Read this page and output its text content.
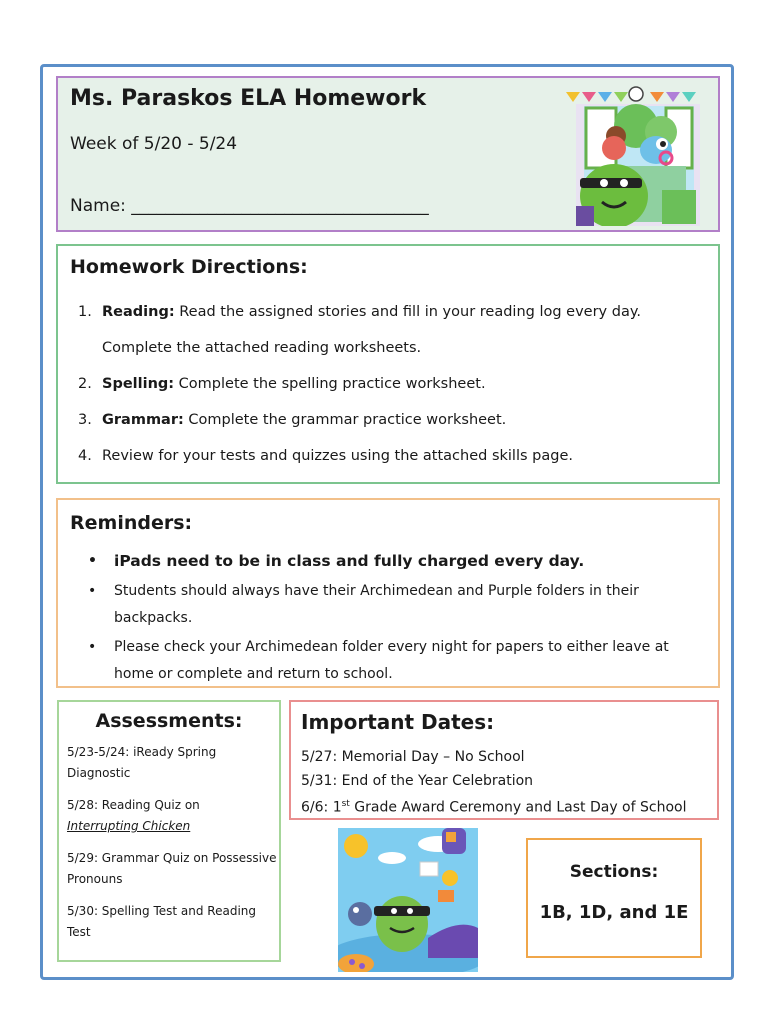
Ms. Paraskos ELA Homework
Week of 5/20 - 5/24
Name: ___________________________________
Homework Directions:
1. Reading: Read the assigned stories and fill in your reading log every day.
Complete the attached reading worksheets.
2. Spelling: Complete the spelling practice worksheet.
3. Grammar: Complete the grammar practice worksheet.
4. Review for your tests and quizzes using the attached skills page.
Reminders:
•	iPads need to be in class and fully charged every day.
•	Students should always have their Archimedean and Purple folders in their backpacks.
•	Please check your Archimedean folder every night for papers to either leave at home or complete and return to school.
Assessments:
5/23-5/24: iReady Spring Diagnostic
5/28: Reading Quiz on
Interrupting Chicken
5/29: Grammar Quiz on Possessive Pronouns
5/30: Spelling Test and Reading Test
Important Dates:
5/27: Memorial Day – No School
5/31: End of the Year Celebration
6/6: 1st Grade Award Ceremony and Last Day of School
Sections:
1B, 1D, and 1E
